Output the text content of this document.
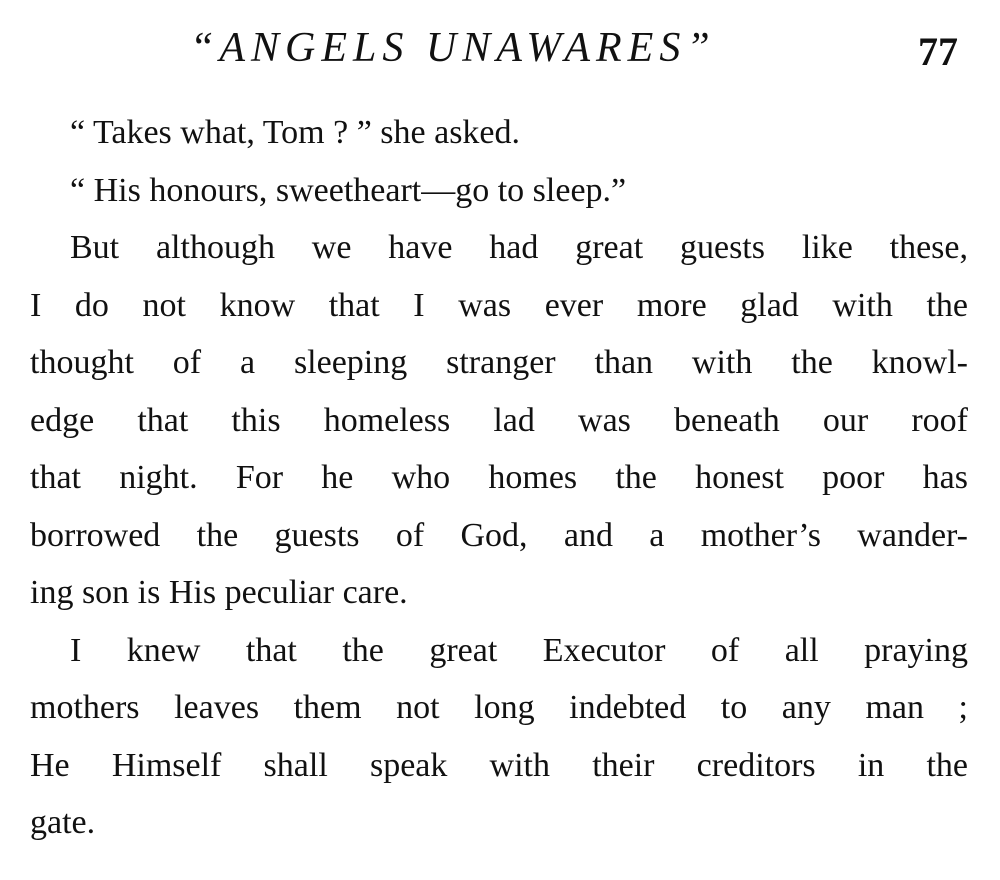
“ANGELS UNAWARES”	77
“ Takes what, Tom ? ” she asked.
“ His honours, sweetheart—go to sleep.”
But although we have had great guests like these,
I do not know that I was ever more glad with the
thought of a sleeping stranger than with the knowl-
edge that this homeless lad was beneath our roof
that night. For he who homes the honest poor has
borrowed the guests of God, and a mother’s wander-
ing son is His peculiar care.
I knew that the great Executor of all praying
mothers leaves them not long indebted to any man ;
He Himself shall speak with their creditors in the
gate.
